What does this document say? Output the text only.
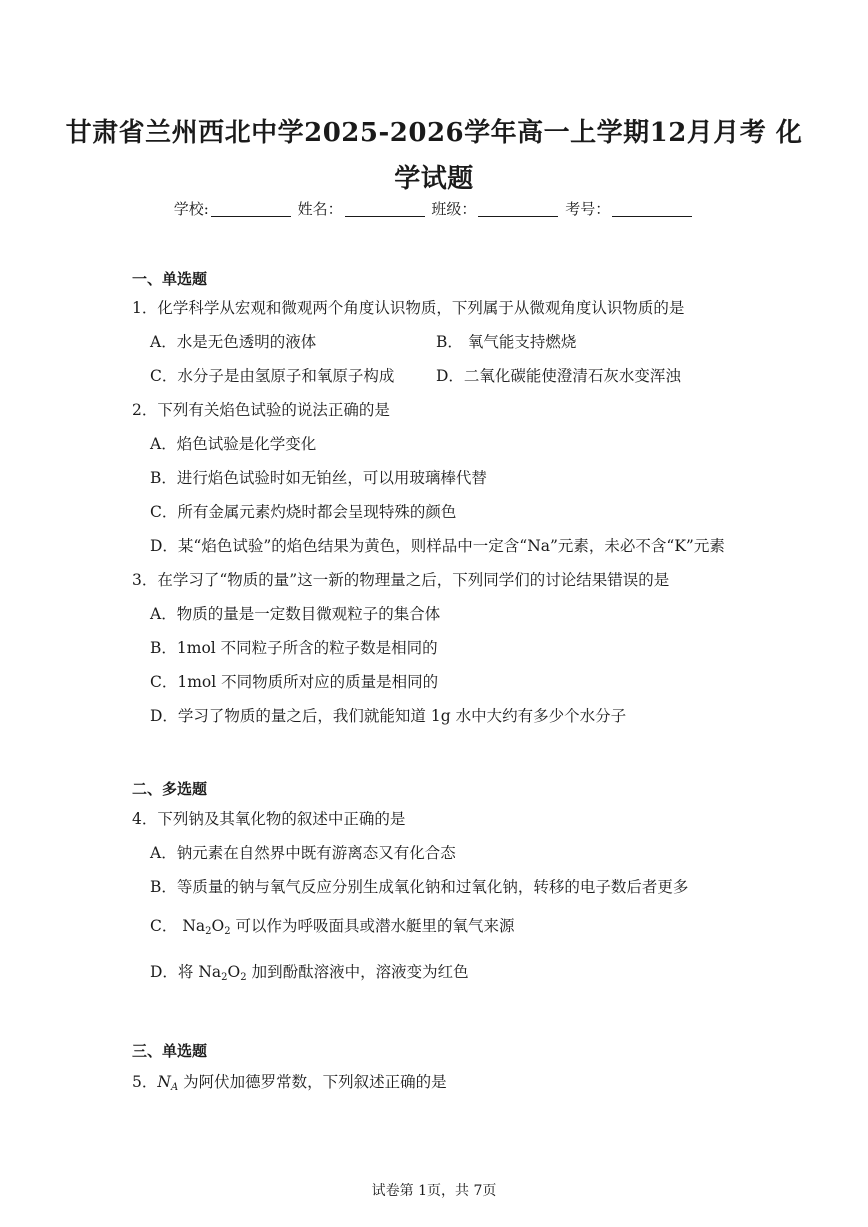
甘肃省兰州西北中学2025-2026学年高一上学期12月月考 化
学试题
学校:	姓名：	班级：	考号：
一、单选题
1．化学科学从宏观和微观两个角度认识物质，下列属于从微观角度认识物质的是
A．水是无色透明的液体	B． 氧气能支持燃烧
C．水分子是由氢原子和氧原子构成	D．二氧化碳能使澄清石灰水变浑浊
2．下列有关焰色试验的说法正确的是
A．焰色试验是化学变化
B．进行焰色试验时如无铂丝，可以用玻璃棒代替
C．所有金属元素灼烧时都会呈现特殊的颜色
D．某“焰色试验”的焰色结果为黄色，则样品中一定含“Na”元素，未必不含“K”元素
3．在学习了“物质的量”这一新的物理量之后，下列同学们的讨论结果错误的是
A．物质的量是一定数目微观粒子的集合体
B．1mol 不同粒子所含的粒子数是相同的
C．1mol 不同物质所对应的质量是相同的
D．学习了物质的量之后，我们就能知道 1g 水中大约有多少个水分子
二、多选题
4．下列钠及其氧化物的叙述中正确的是
A．钠元素在自然界中既有游离态又有化合态
B．等质量的钠与氧气反应分别生成氧化钠和过氧化钠，转移的电子数后者更多
C． $Na_2O_2$ 可以作为呼吸面具或潜水艇里的氧气来源
D．将 $Na_2O_2$ 加到酚酞溶液中，溶液变为红色
三、单选题
5．$N_A$ 为阿伏加德罗常数，下列叙述正确的是
试卷第 1页，共 7页
